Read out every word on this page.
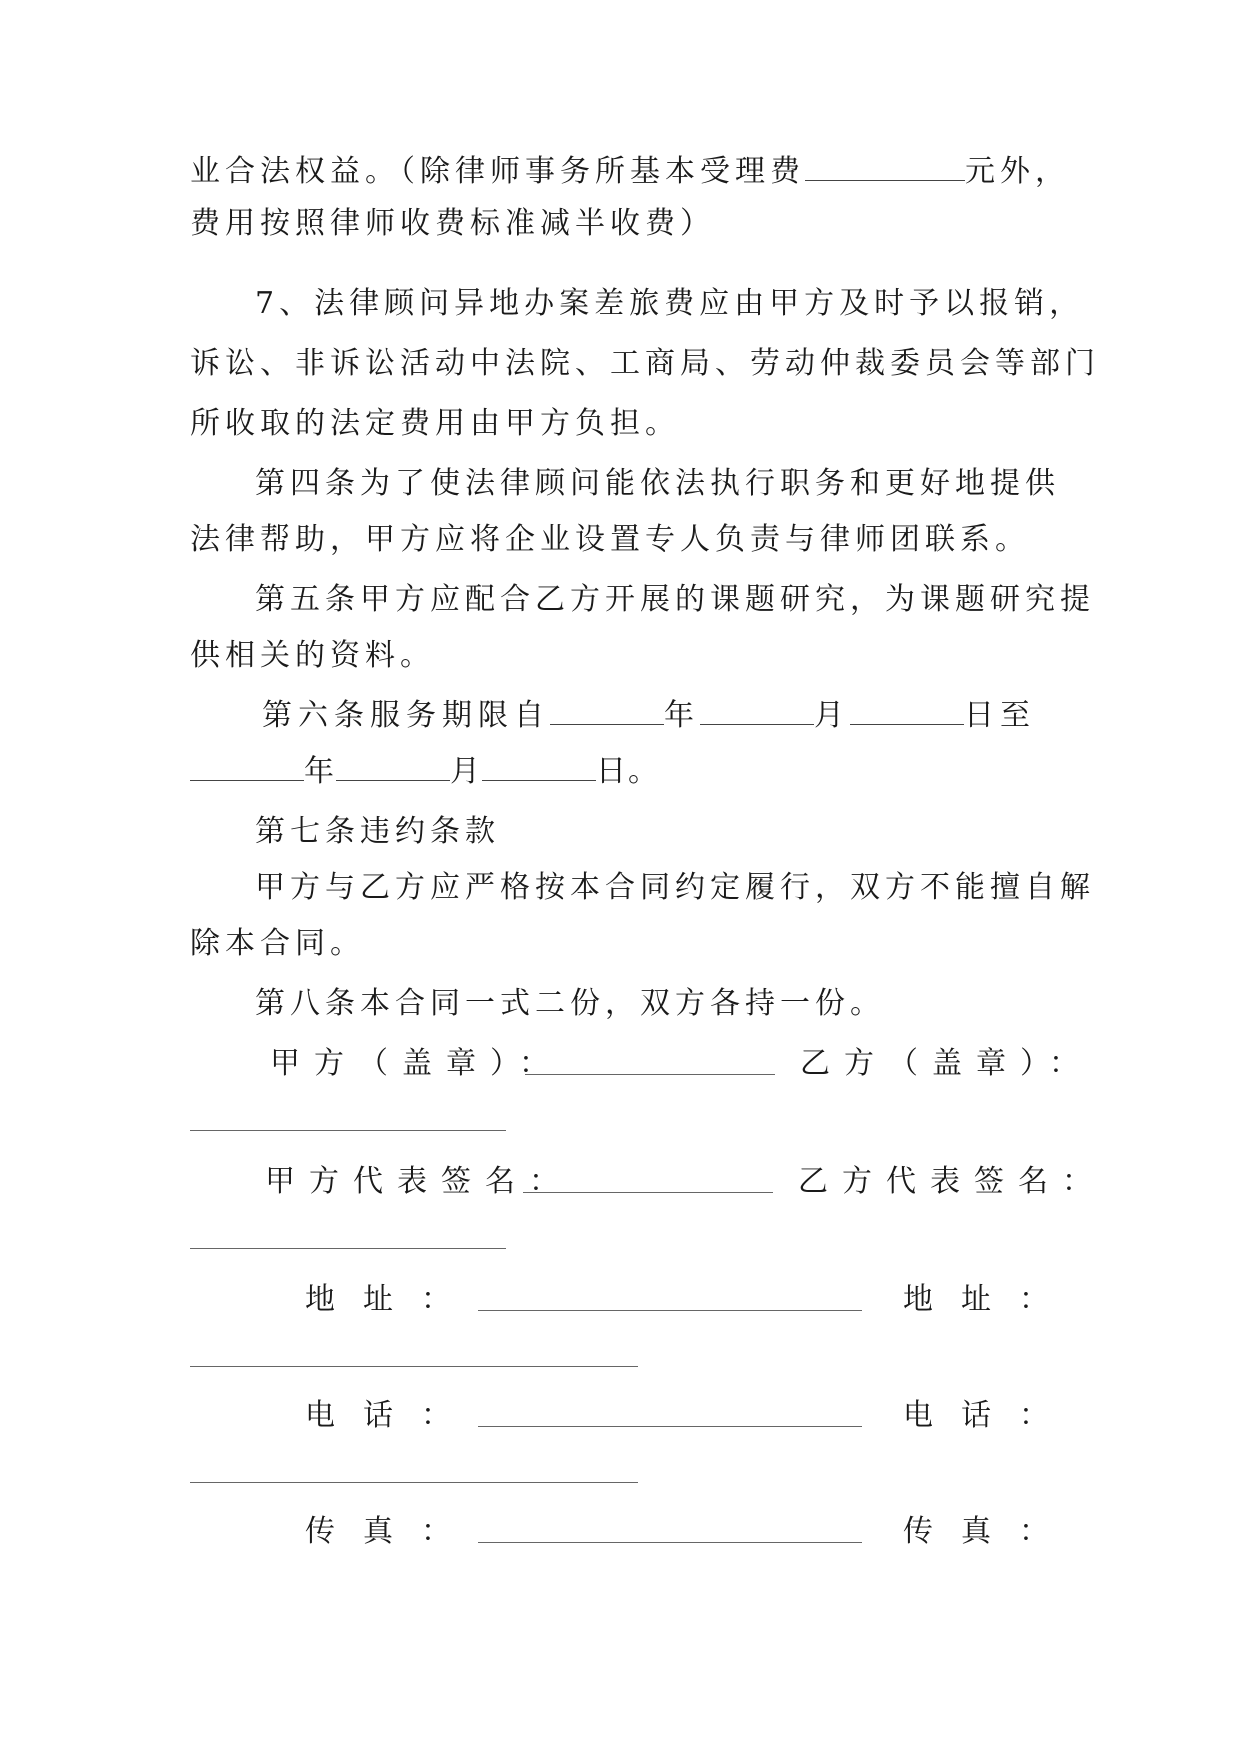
业合法权益。（除律师事务所基本受理费	元外，
费用按照律师收费标准减半收费）
7、法律顾问异地办案差旅费应由甲方及时予以报销，
诉讼、非诉讼活动中法院、工商局、劳动仲裁委员会等部门
所收取的法定费用由甲方负担。
第四条为了使法律顾问能依法执行职务和更好地提供
法律帮助，甲方应将企业设置专人负责与律师团联系。
第五条甲方应配合乙方开展的课题研究，为课题研究提
供相关的资料。
第六条服务期限自	年	月	日至
年	月	日。
第七条违约条款
甲方与乙方应严格按本合同约定履行，双方不能擅自解
除本合同。
第八条本合同一式二份，双方各持一份。
甲方（盖章）：	乙方（盖章）：
甲方代表签名：	乙方代表签名：
地址：	地址：
电话：	电话：
传真：	传真：
